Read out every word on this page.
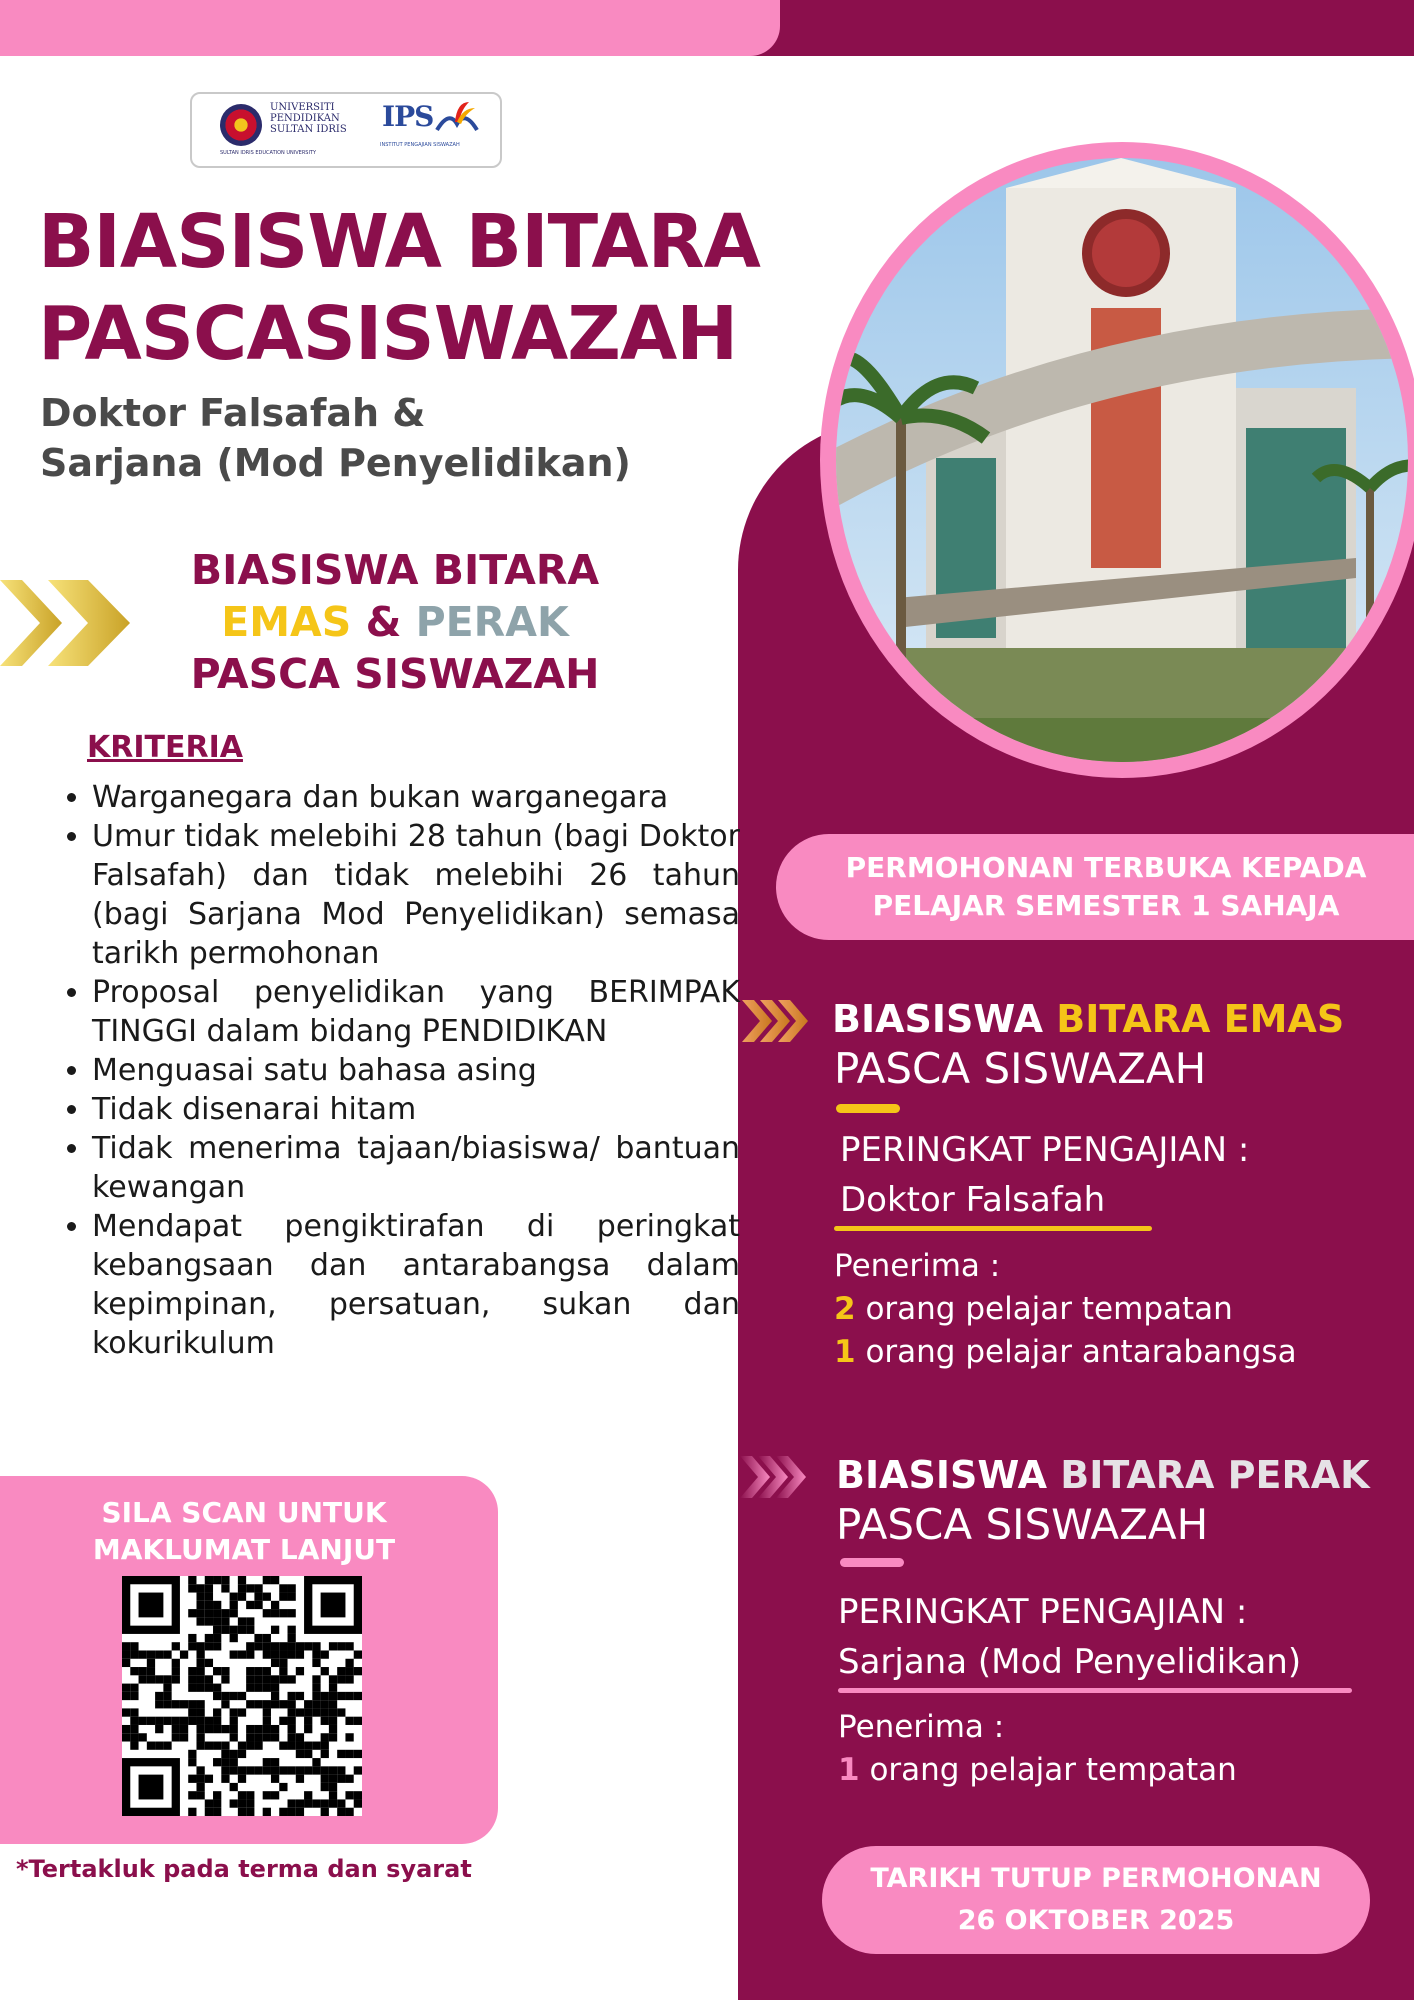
UNIVERSITI PENDIDIKAN SULTAN IDRIS
SULTAN IDRIS EDUCATION UNIVERSITY
IPS
INSTITUT PENGAJIAN SISWAZAH
BIASISWA BITARA
PASCASISWAZAH
Doktor Falsafah &
Sarjana (Mod Penyelidikan)
BIASISWA BITARA
EMAS & PERAK
PASCA SISWAZAH
KRITERIA
• Warganegara dan bukan warganegara
• Umur tidak melebihi 28 tahun (bagi Doktor Falsafah) dan tidak melebihi 26 tahun (bagi Sarjana Mod Penyelidikan) semasa tarikh permohonan
• Proposal penyelidikan yang BERIMPAK TINGGI dalam bidang PENDIDIKAN
• Menguasai satu bahasa asing
• Tidak disenarai hitam
• Tidak menerima tajaan/biasiswa/ bantuan kewangan
• Mendapat pengiktirafan di peringkat kebangsaan dan antarabangsa dalam kepimpinan, persatuan, sukan dan kokurikulum
SILA SCAN UNTUK
MAKLUMAT LANJUT
*Tertakluk pada terma dan syarat
PERMOHONAN TERBUKA KEPADA
PELAJAR SEMESTER 1 SAHAJA
BIASISWA BITARA EMAS
PASCA SISWAZAH
PERINGKAT PENGAJIAN :
Doktor Falsafah
Penerima :
2 orang pelajar tempatan
1 orang pelajar antarabangsa
BIASISWA BITARA PERAK
PASCA SISWAZAH
PERINGKAT PENGAJIAN :
Sarjana (Mod Penyelidikan)
Penerima :
1 orang pelajar tempatan
TARIKH TUTUP PERMOHONAN
26 OKTOBER 2025
